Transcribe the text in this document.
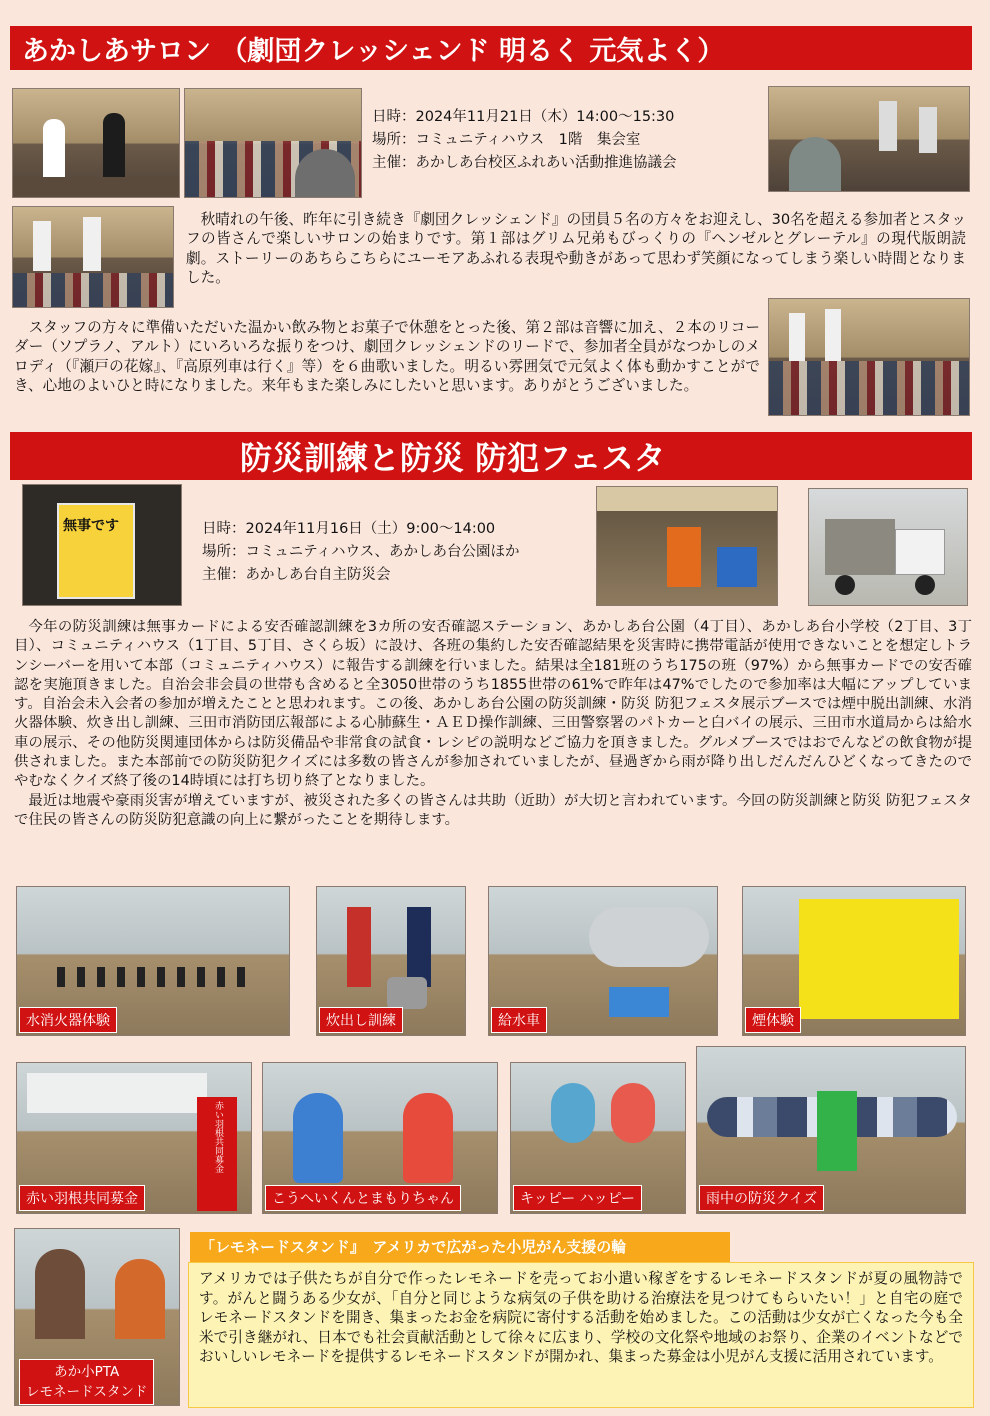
あかしあサロン （劇団クレッシェンド 明るく 元気よく）
日時：2024年11月21日（木）14:00～15:30
場所：コミュニティハウス　1階　集会室
主催：あかしあ台校区ふれあい活動推進協議会

秋晴れの午後、昨年に引き続き『劇団クレッシェンド』の団員５名の方々をお迎えし、30名を超える参加者とスタッフの皆さんで楽しいサロンの始まりです。第１部はグリム兄弟もびっくりの『ヘンゼルとグレーテル』の現代版朗読劇。ストーリーのあちらこちらにユーモアあふれる表現や動きがあって思わず笑顔になってしまう楽しい時間となりました。

スタッフの方々に準備いただいた温かい飲み物とお菓子で休憩をとった後、第２部は音響に加え、２本のリコーダー（ソプラノ、アルト）にいろいろな振りをつけ、劇団クレッシェンドのリードで、参加者全員がなつかしのメロディ（『瀬戸の花嫁』、『高原列車は行く』等）を６曲歌いました。明るい雰囲気で元気よく体も動かすことができ、心地のよいひと時になりました。来年もまた楽しみにしたいと思います。ありがとうございました。

防災訓練と防災 防犯フェスタ
無事です	日時：2024年11月16日（土）9:00～14:00
場所：コミュニティハウス、あかしあ台公園ほか
主催：あかしあ台自主防災会

今年の防災訓練は無事カードによる安否確認訓練を3カ所の安否確認ステーション、あかしあ台公園（4丁目）、あかしあ台小学校（2丁目、3丁目）、コミュニティハウス（1丁目、5丁目、さくら坂）に設け、各班の集約した安否確認結果を災害時に携帯電話が使用できないことを想定しトランシーバーを用いて本部（コミュニティハウス）に報告する訓練を行いました。結果は全181班のうち175の班（97%）から無事カードでの安否確認を実施頂きました。自治会非会員の世帯も含めると全3050世帯のうち1855世帯の61%で昨年は47%でしたので参加率は大幅にアップしています。自治会未入会者の参加が増えたことと思われます。この後、あかしあ台公園の防災訓練・防災 防犯フェスタ展示ブースでは煙中脱出訓練、水消火器体験、炊き出し訓練、三田市消防団広報部による心肺蘇生・ＡＥＤ操作訓練、三田警察署のパトカーと白バイの展示、三田市水道局からは給水車の展示、その他防災関連団体からは防災備品や非常食の試食・レシピの説明などご協力を頂きました。グルメブースではおでんなどの飲食物が提供されました。また本部前での防災防犯クイズには多数の皆さんが参加されていましたが、昼過ぎから雨が降り出しだんだんひどくなってきたのでやむなくクイズ終了後の14時頃には打ち切り終了となりました。

最近は地震や豪雨災害が増えていますが、被災された多くの皆さんは共助（近助）が大切と言われています。今回の防災訓練と防災 防犯フェスタで住民の皆さんの防災防犯意識の向上に繋がったことを期待します。

水消火器体験	炊出し訓練	給水車	煙体験
赤い羽根共同募金
赤い羽根共同募金	こうへいくんとまもりちゃん	キッピー ハッピー	雨中の防災クイズ
あか小PTA
レモネードスタンド
「レモネードスタンド』　アメリカで広がった小児がん支援の輪
アメリカでは子供たちが自分で作ったレモネードを売ってお小遣い稼ぎをするレモネードスタンドが夏の風物詩です。がんと闘うある少女が、「自分と同じような病気の子供を助ける治療法を見つけてもらいたい！」と自宅の庭でレモネードスタンドを開き、集まったお金を病院に寄付する活動を始めました。この活動は少女が亡くなった今も全米で引き継がれ、日本でも社会貢献活動として徐々に広まり、学校の文化祭や地域のお祭り、企業のイベントなどでおいしいレモネードを提供するレモネードスタンドが開かれ、集まった募金は小児がん支援に活用されています。
